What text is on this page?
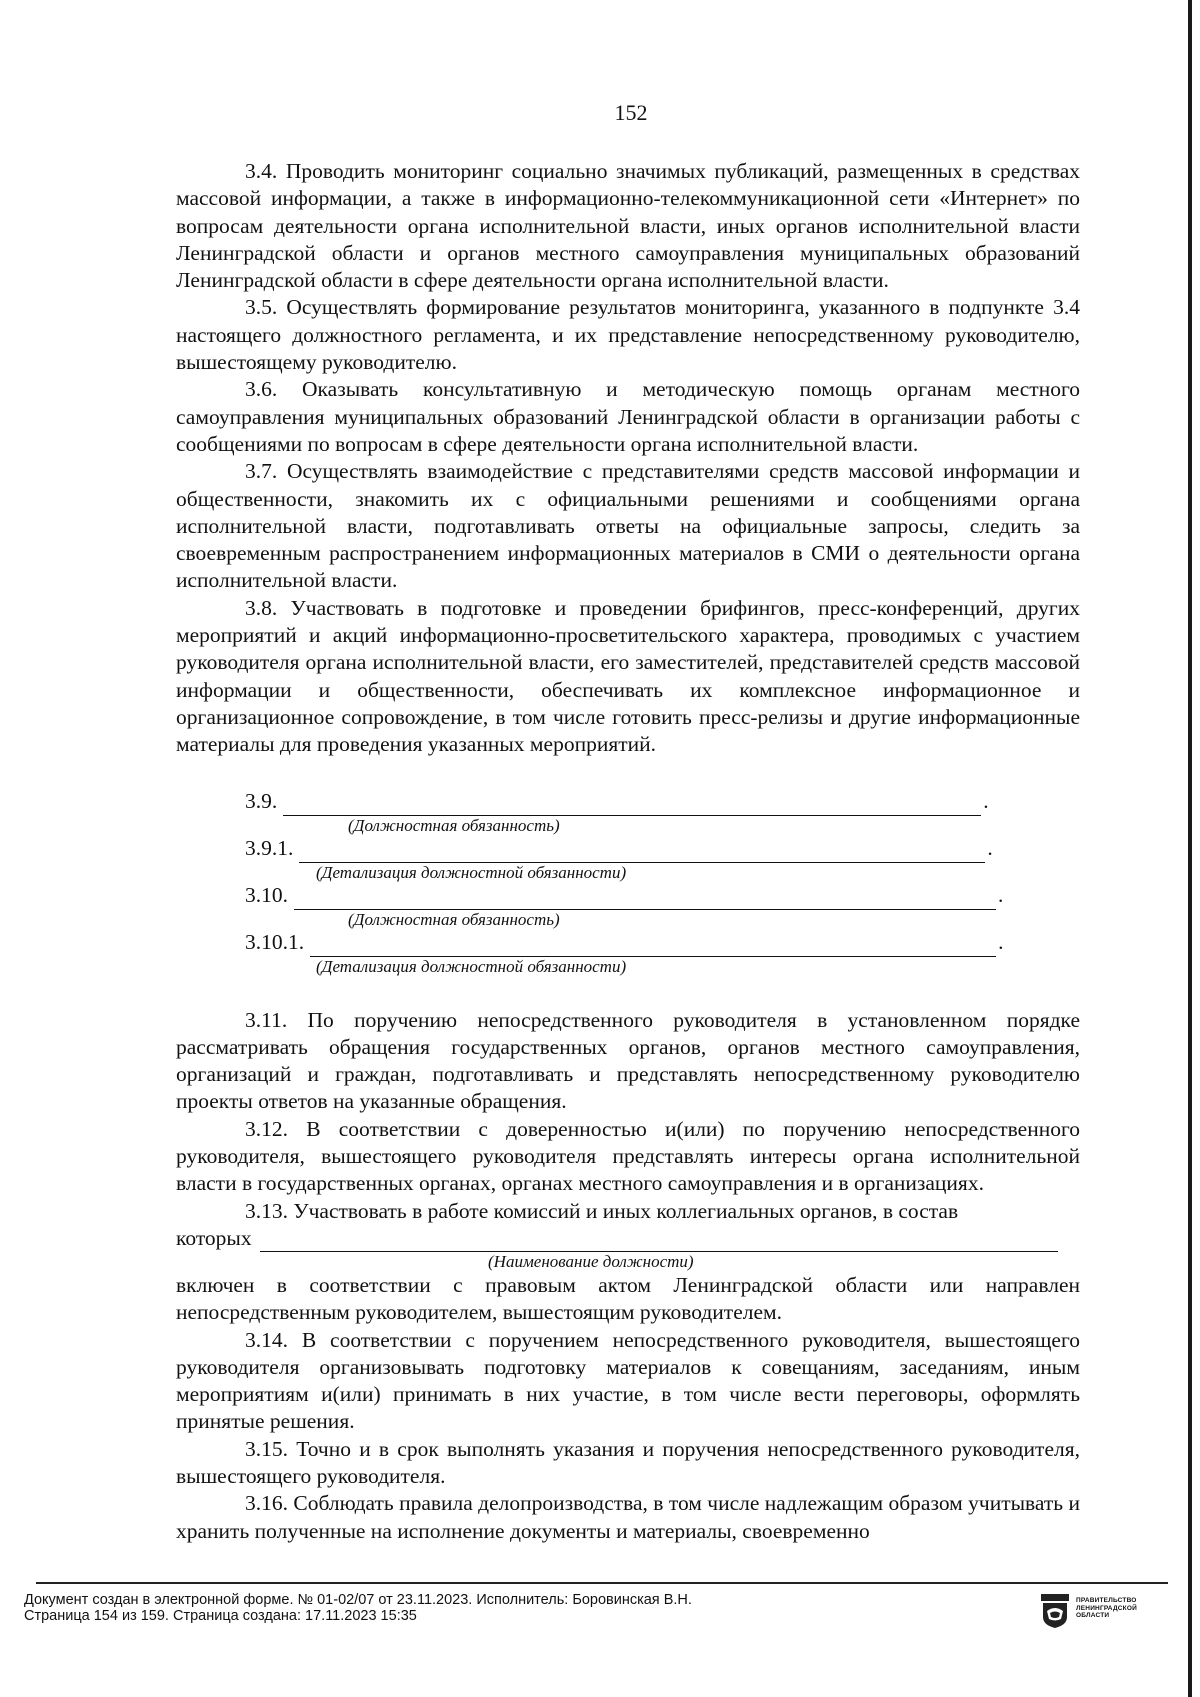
152

3.4. Проводить мониторинг социально значимых публикаций, размещенных в средствах массовой информации, а также в информационно-телекоммуникационной сети «Интернет» по вопросам деятельности органа исполнительной власти, иных органов исполнительной власти Ленинградской области и органов местного самоуправления муниципальных образований Ленинградской области в сфере деятельности органа исполнительной власти.

3.5. Осуществлять формирование результатов мониторинга, указанного в подпункте 3.4 настоящего должностного регламента, и их представление непосредственному руководителю, вышестоящему руководителю.

3.6. Оказывать консультативную и методическую помощь органам местного самоуправления муниципальных образований Ленинградской области в организации работы с сообщениями по вопросам в сфере деятельности органа исполнительной власти.

3.7. Осуществлять взаимодействие с представителями средств массовой информации и общественности, знакомить их с официальными решениями и сообщениями органа исполнительной власти, подготавливать ответы на официальные запросы, следить за своевременным распространением информационных материалов в СМИ о деятельности органа исполнительной власти.

3.8. Участвовать в подготовке и проведении брифингов, пресс-конференций, других мероприятий и акций информационно-просветительского характера, проводимых с участием руководителя органа исполнительной власти, его заместителей, представителей средств массовой информации и общественности, обеспечивать их комплексное информационное и организационное сопровождение, в том числе готовить пресс-релизы и другие информационные материалы для проведения указанных мероприятий.

3.9.	.
(Должностная обязанность)
3.9.1.	.
(Детализация должностной обязанности)
3.10.	.
(Должностная обязанность)
3.10.1.	.
(Детализация должностной обязанности)

3.11. По поручению непосредственного руководителя в установленном порядке рассматривать обращения государственных органов, органов местного самоуправления, организаций и граждан, подготавливать и представлять непосредственному руководителю проекты ответов на указанные обращения.

3.12. В соответствии с доверенностью и(или) по поручению непосредственного руководителя, вышестоящего руководителя представлять интересы органа исполнительной власти в государственных органах, органах местного самоуправления и в организациях.

3.13. Участвовать в работе комиссий и иных коллегиальных органов, в состав

которых
(Наименование должности)

включен в соответствии с правовым актом Ленинградской области или направлен непосредственным руководителем, вышестоящим руководителем.

3.14. В соответствии с поручением непосредственного руководителя, вышестоящего руководителя организовывать подготовку материалов к совещаниям, заседаниям, иным мероприятиям и(или) принимать в них участие, в том числе вести переговоры, оформлять принятые решения.

3.15. Точно и в срок выполнять указания и поручения непосредственного руководителя, вышестоящего руководителя.

3.16. Соблюдать правила делопроизводства, в том числе надлежащим образом учитывать и хранить полученные на исполнение документы и материалы, своевременно

Документ создан в электронной форме. № 01-02/07 от 23.11.2023. Исполнитель: Боровинская В.Н.
Страница 154 из 159. Страница создана: 17.11.2023 15:35
ПРАВИТЕЛЬСТВО
ЛЕНИНГРАДСКОЙ
ОБЛАСТИ
